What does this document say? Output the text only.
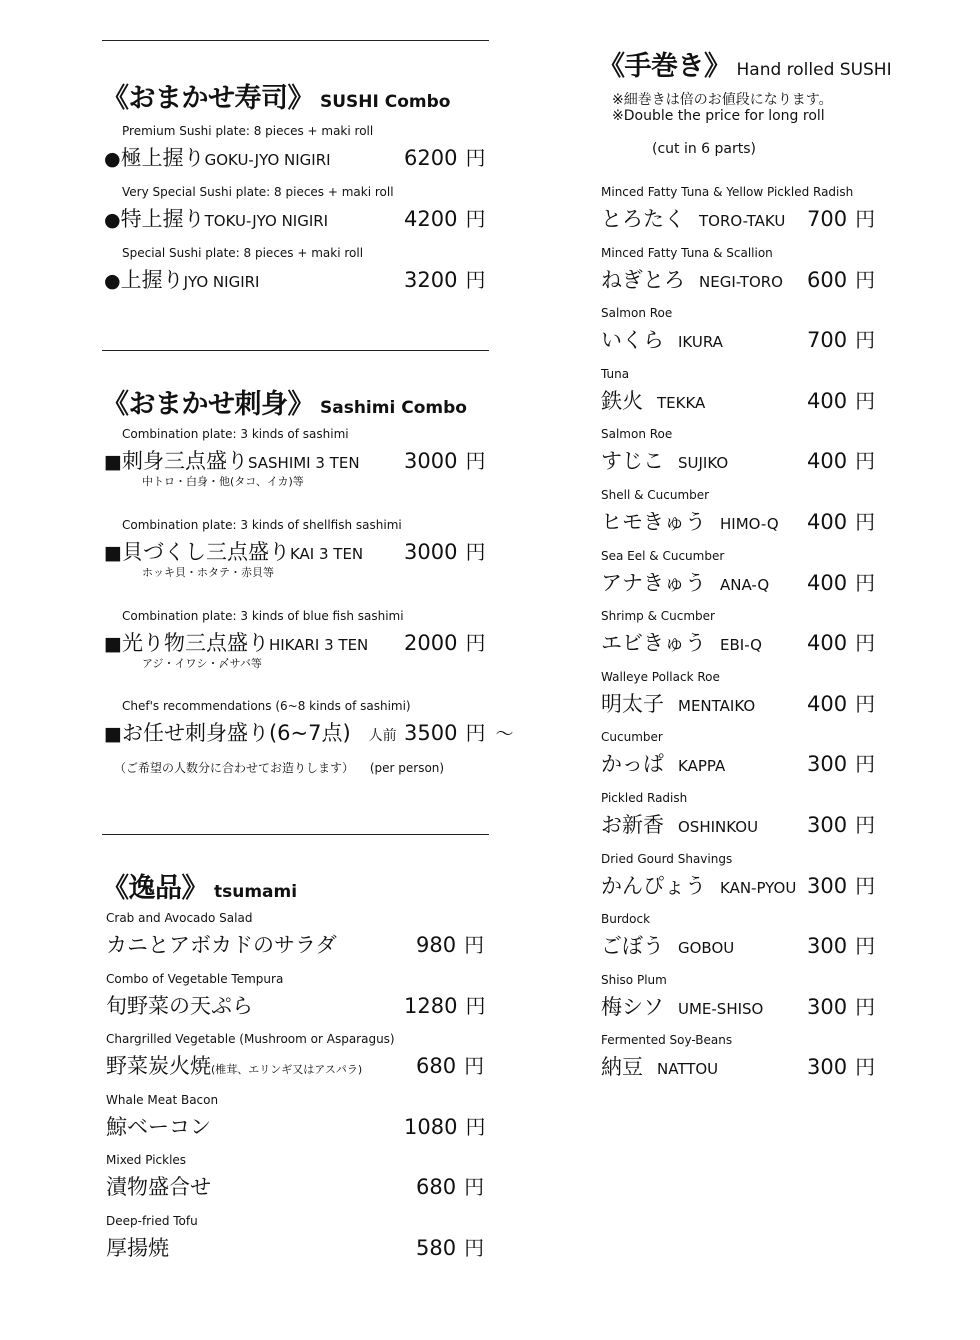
《おまかせ寿司》 SUSHI Combo
Premium Sushi plate: 8 pieces + maki roll
●極上握りGOKU-JYO NIGIRI	6200 円
Very Special Sushi plate: 8 pieces + maki roll
●特上握りTOKU-JYO NIGIRI	4200 円
Special Sushi plate: 8 pieces + maki roll
●上握りJYO NIGIRI	3200 円
《おまかせ刺身》 Sashimi Combo
Combination plate: 3 kinds of sashimi
■刺身三点盛りSASHIMI 3 TEN 3000 円
中トロ・白身・他(タコ、イカ)等
Combination plate: 3 kinds of shellfish sashimi
■貝づくし三点盛りKAI 3 TEN 3000 円
ホッキ貝・ホタテ・赤貝等
Combination plate: 3 kinds of blue fish sashimi
■光り物三点盛りHIKARI 3 TEN 2000 円
アジ・イワシ・〆サバ等
Chef's recommendations (6~8 kinds of sashimi)
■お任せ刺身盛り(6~7点) 人前 3500 円 ～
（ご希望の人数分に合わせてお造りします） (per person)
《逸品》 tsumami
Crab and Avocado Salad
カニとアボカドのサラダ	980 円
Combo of Vegetable Tempura
旬野菜の天ぷら	1280 円
Chargrilled Vegetable (Mushroom or Asparagus)
野菜炭火焼(椎茸、エリンギ又はアスパラ)	680 円
Whale Meat Bacon
鯨ベーコン	1080 円
Mixed Pickles
漬物盛合せ	680 円
Deep-fried Tofu
厚揚焼	580 円
《手巻き》 Hand rolled SUSHI
※細巻きは倍のお値段になります。
※Double the price for long roll
(cut in 6 parts)
Minced Fatty Tuna & Yellow Pickled Radish
とろたく TORO-TAKU 700 円
Minced Fatty Tuna & Scallion
ねぎとろ NEGI-TORO 600 円
Salmon Roe
いくら IKURA	700 円
Tuna
鉄火 TEKKA	400 円
Salmon Roe
すじこ SUJIKO	400 円
Shell & Cucumber
ヒモきゅう HIMO-Q 400 円
Sea Eel & Cucumber
アナきゅう ANA-Q 400 円
Shrimp & Cucmber
エビきゅう EBI-Q 400 円
Walleye Pollack Roe
明太子 MENTAIKO 400 円
Cucumber
かっぱ KAPPA	300 円
Pickled Radish
お新香 OSHINKOU 300 円
Dried Gourd Shavings
かんぴょう KAN-PYOU 300 円
Burdock
ごぼう GOBOU	300 円
Shiso Plum
梅シソ UME-SHISO 300 円
Fermented Soy-Beans
納豆 NATTOU	300 円
